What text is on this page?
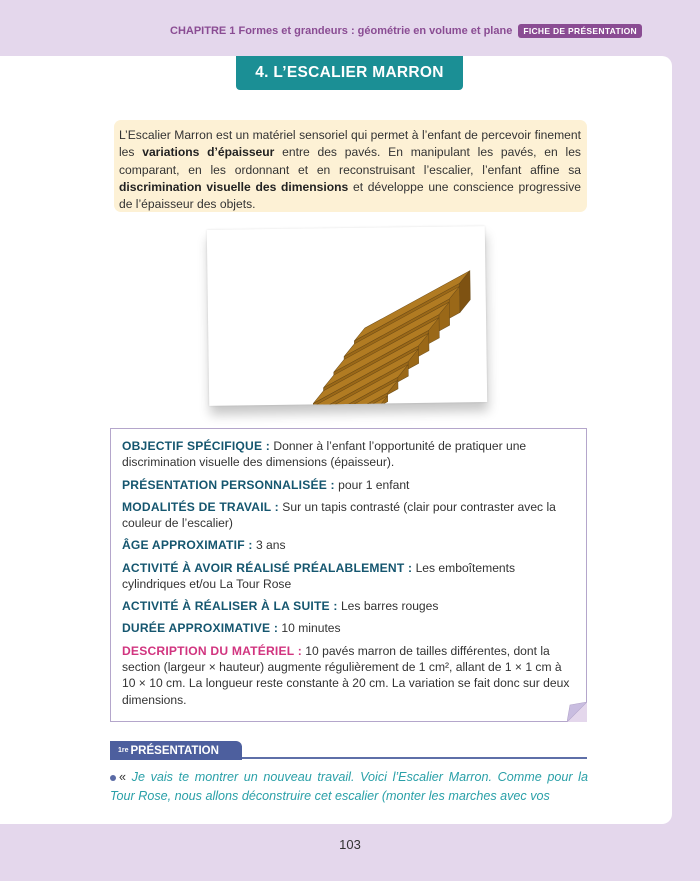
CHAPITRE 1 Formes et grandeurs : géométrie en volume et plane	FICHE DE PRÉSENTATION
4. L’ESCALIER MARRON
L’Escalier Marron est un matériel sensoriel qui permet à l’enfant de percevoir finement les variations d’épaisseur entre des pavés. En manipulant les pavés, en les comparant, en les ordonnant et en reconstruisant l’escalier, l’enfant affine sa discrimination visuelle des dimensions et développe une conscience progressive de l’épaisseur des objets.

OBJECTIF SPÉCIFIQUE : Donner à l’enfant l’opportunité de pratiquer une discrimination visuelle des dimensions (épaisseur).

PRÉSENTATION PERSONNALISÉE : pour 1 enfant

MODALITÉS DE TRAVAIL : Sur un tapis contrasté (clair pour contraster avec la couleur de l’escalier)

ÂGE APPROXIMATIF : 3 ans

ACTIVITÉ À AVOIR RÉALISÉ PRÉALABLEMENT : Les emboîtements cylindriques et/ou La Tour Rose

ACTIVITÉ À RÉALISER À LA SUITE : Les barres rouges

DURÉE APPROXIMATIVE : 10 minutes

DESCRIPTION DU MATÉRIEL : 10 pavés marron de tailles différentes, dont la section (largeur × hauteur) augmente régulièrement de 1 cm², allant de 1 × 1 cm à 10 × 10 cm. La longueur reste constante à 20 cm. La variation se fait donc sur deux dimensions.

1re PRÉSENTATION
« Je vais te montrer un nouveau travail. Voici l’Escalier Marron. Comme pour la Tour Rose, nous allons déconstruire cet escalier (monter les marches avec vos
103
